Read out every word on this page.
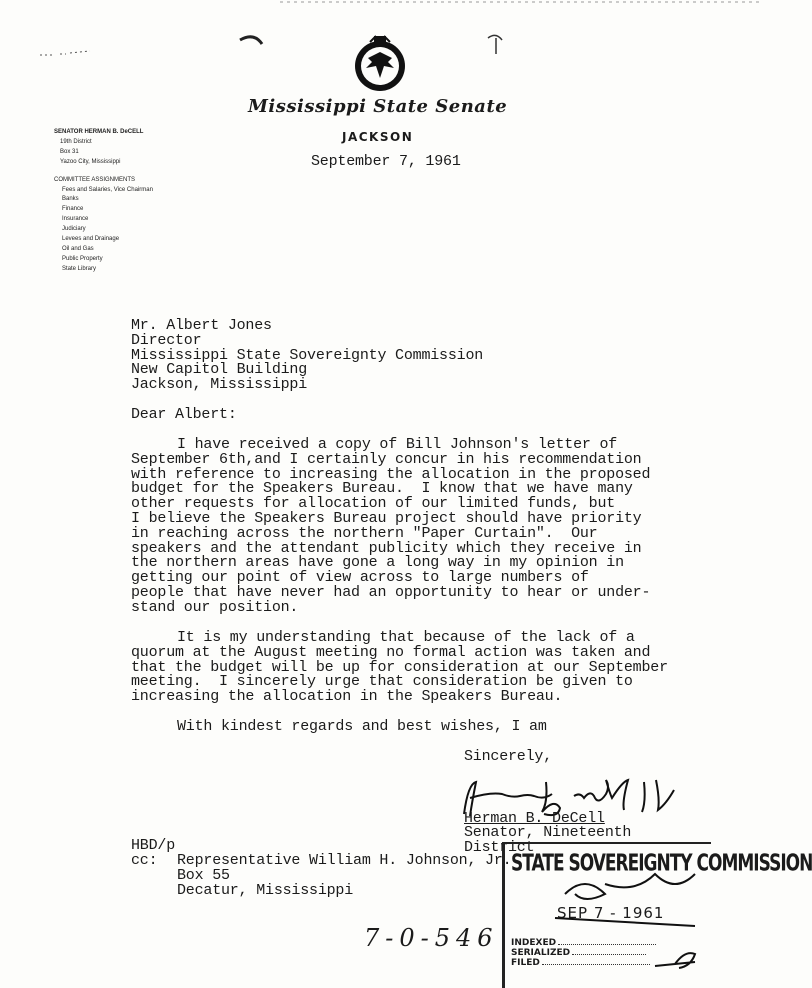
Mississippi State Senate
JACKSON
September 7, 1961
SENATOR HERMAN B. DeCELL
19th District
Box 31
Yazoo City, Mississippi
COMMITTEE ASSIGNMENTS
Fees and Salaries, Vice Chairman
Banks
Finance
Insurance
Judiciary
Levees and Drainage
Oil and Gas
Public Property
State Library
Mr. Albert Jones
Director
Mississippi State Sovereignty Commission
New Capitol Building
Jackson, Mississippi
Dear Albert:
I have received a copy of Bill Johnson's letter of
September 6th,and I certainly concur in his recommendation
with reference to increasing the allocation in the proposed
budget for the Speakers Bureau.  I know that we have many
other requests for allocation of our limited funds, but
I believe the Speakers Bureau project should have priority
in reaching across the northern "Paper Curtain".  Our
speakers and the attendant publicity which they receive in
the northern areas have gone a long way in my opinion in
getting our point of view across to large numbers of
people that have never had an opportunity to hear or under-
stand our position.
It is my understanding that because of the lack of a
quorum at the August meeting no formal action was taken and
that the budget will be up for consideration at our September
meeting.  I sincerely urge that consideration be given to
increasing the allocation in the Speakers Bureau.
With kindest regards and best wishes, I am
Sincerely,
Herman B. DeCell
Senator, Nineteenth
District
HBD/p
cc: Representative William H. Johnson, Jr.
Box 55
Decatur, Mississippi
7-0-546
STATE SOVEREIGNTY COMMISSION
SEP 7 - 1961
INDEXED
SERIALIZED
FILED
